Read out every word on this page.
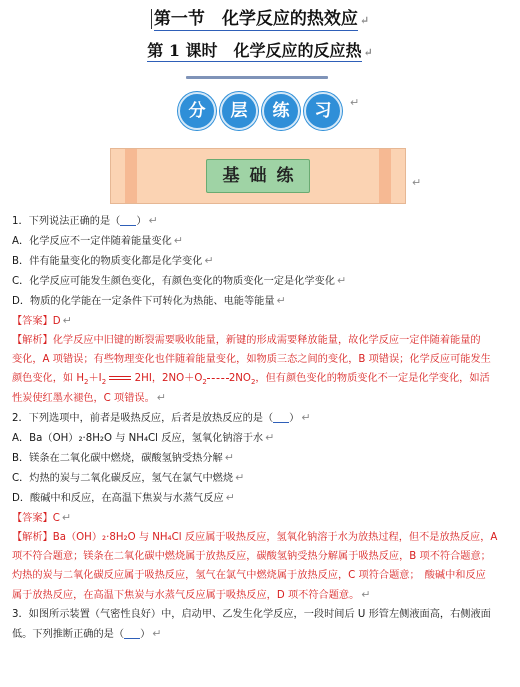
第一节　化学反应的热效应 ↵
第 1 课时　化学反应的反应热 ↵
分	层	练	习	↵
基础练	↵
1．下列说法正确的是（ ） ↵
A．化学反应不一定伴随着能量变化 ↵
B．伴有能量变化的物质变化都是化学变化 ↵
C．化学反应可能发生颜色变化，有颜色变化的物质变化一定是化学变化 ↵
D．物质的化学能在一定条件下可转化为热能、电能等能量 ↵
【答案】D ↵
【解析】化学反应中旧键的断裂需要吸收能量，新键的形成需要释放能量，故化学反应一定伴随着能量的
变化，A 项错误；有些物理变化也伴随着能量变化，如物质三态之间的变化，B 项错误；化学反应可能发生
颜色变化，如 $H_2+I_2$	2HI，$2NO+O_2$ $2NO_2$，但有颜色变化的物质变化不一定是化学变化，如活
性炭使红墨水褪色，C 项错误。 ↵
2．下列选项中，前者是吸热反应，后者是放热反应的是（ ） ↵
A．Ba（OH）₂·8H₂O 与 NH₄Cl 反应，氢氧化钠溶于水 ↵
B．镁条在二氧化碳中燃烧，碳酸氢钠受热分解 ↵
C．灼热的炭与二氧化碳反应，氢气在氯气中燃烧 ↵
D．酸碱中和反应，在高温下焦炭与水蒸气反应 ↵
【答案】C ↵
【解析】Ba（OH）₂·8H₂O 与 NH₄Cl 反应属于吸热反应，氢氧化钠溶于水为放热过程，但不是放热反应，A
项不符合题意；镁条在二氧化碳中燃烧属于放热反应，碳酸氢钠受热分解属于吸热反应，B 项不符合题意；
灼热的炭与二氧化碳反应属于吸热反应，氢气在氯气中燃烧属于放热反应，C 项符合题意；　酸碱中和反应
属于放热反应，在高温下焦炭与水蒸气反应属于吸热反应，D 项不符合题意。 ↵
3．如图所示装置（气密性良好）中，启动甲、乙发生化学反应，一段时间后 U 形管左侧液面高，右侧液面
低。下列推断正确的是（ ） ↵
